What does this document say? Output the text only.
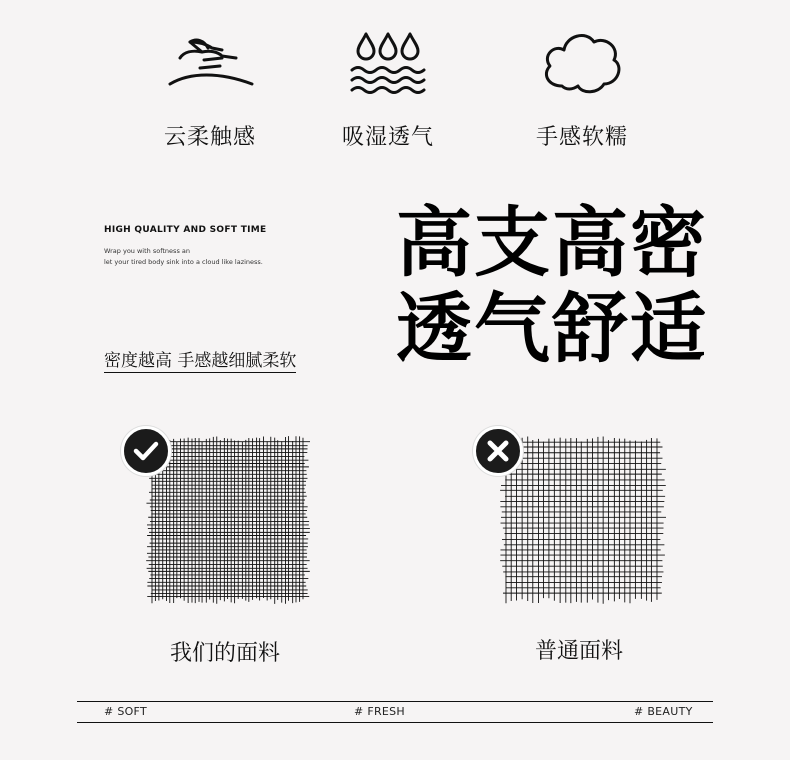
云柔触感	吸湿透气	手感软糯
HIGH QUALITY AND SOFT TIME
Wrap you with softness an
let your tired body sink into a cloud like laziness.
密度越高 手感越细腻柔软
高支高密
透气舒适
我们的面料	普通面料
# SOFT	# FRESH	# BEAUTY
